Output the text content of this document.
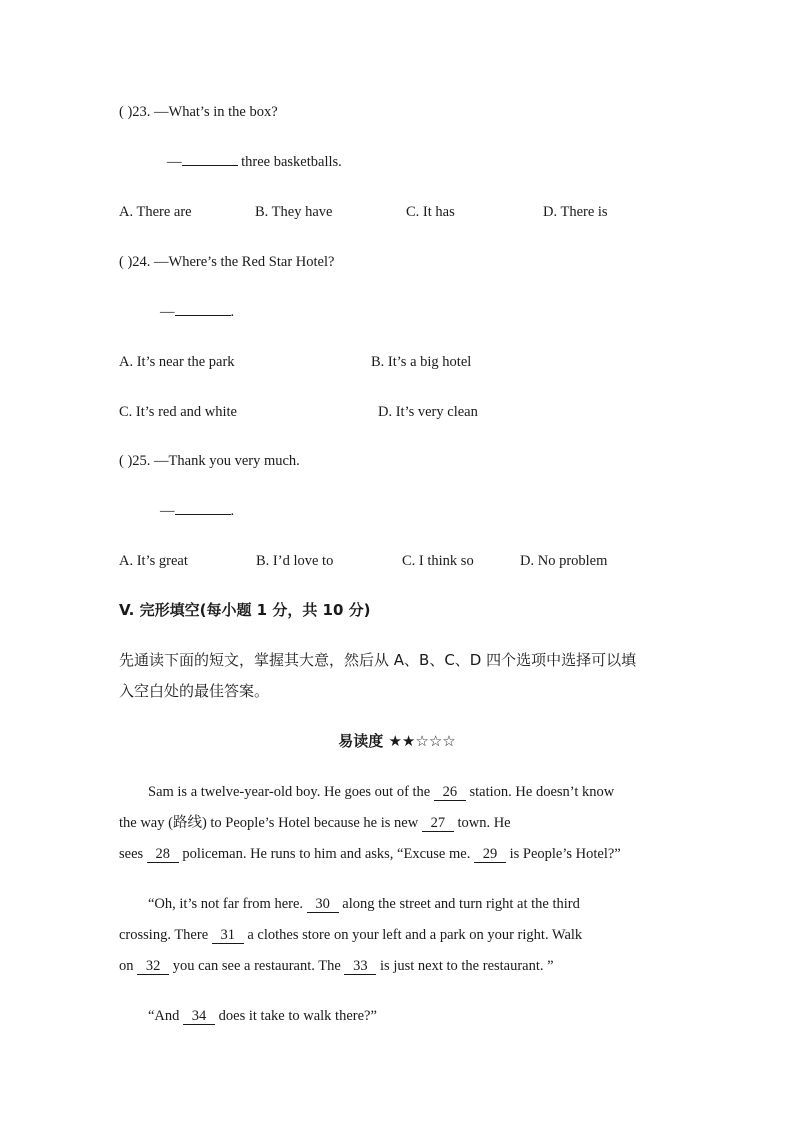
( )23. —What’s in the box?
—	three basketballs.
A. There are	B. They have	C. It has	D. There is
( )24. —Where’s the Red Star Hotel?
—	.
A. It’s near the park	B. It’s a big hotel
C. It’s red and white	D. It’s very clean
( )25. —Thank you very much.
—	.
A. It’s great	B. I’d love to	C. I think so	D. No problem
V. 完形填空(每小题 1 分，共 10 分)
先通读下面的短文，掌握其大意，然后从 A、B、C、D 四个选项中选择可以填
入空白处的最佳答案。
易读度 ★★☆☆☆
Sam is a twelve-year-old boy. He goes out of the 26 station. He doesn’t know
the way (路线) to People’s Hotel because he is new 27 town. He
sees 28 policeman. He runs to him and asks, “Excuse me. 29 is People’s Hotel?”
“Oh, it’s not far from here. 30 along the street and turn right at the third
crossing. There 31 a clothes store on your left and a park on your right. Walk
on 32 you can see a restaurant. The 33 is just next to the restaurant. ”
“And 34 does it take to walk there?”
